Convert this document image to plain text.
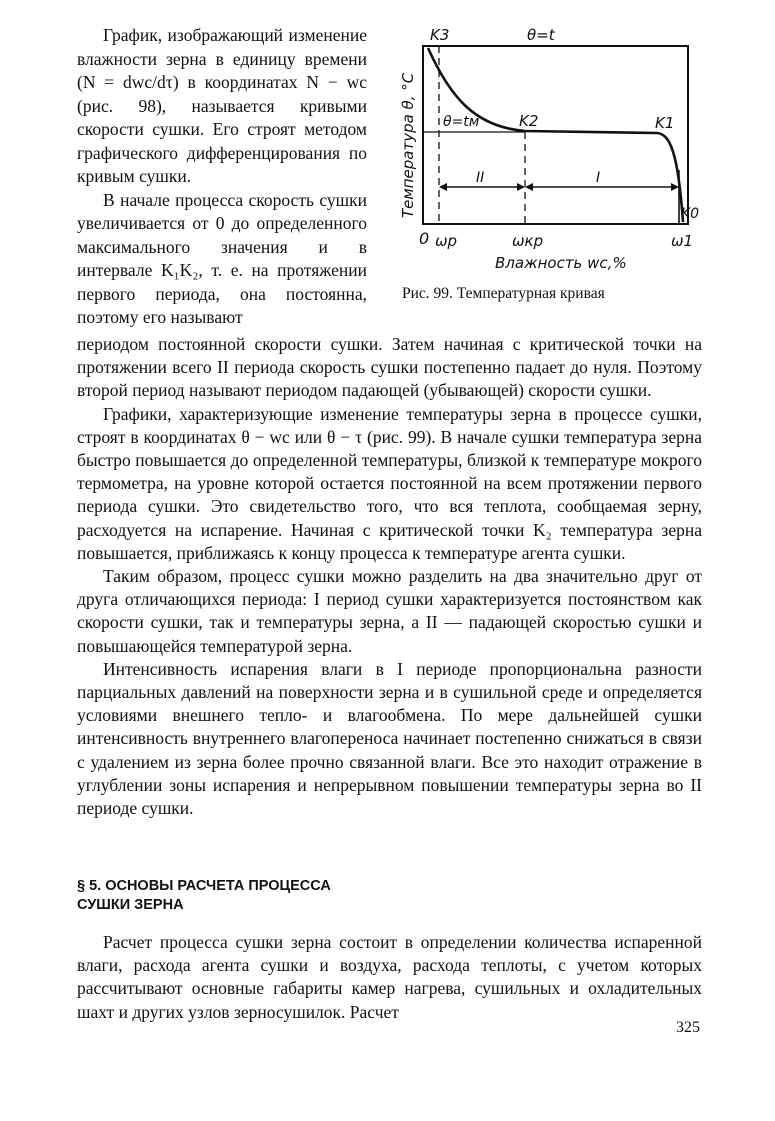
График, изображающий изменение влажности зерна в единицу времени (N = dwс/dτ) в координатах N − wс (рис. 98), называется кривыми скорости сушки. Его строят методом графического дифференцирования по кривым сушки.

В начале процесса скорость сушки увеличивается от 0 до определенного максимального значения и в интервале K₁K₂, т. е. на протяжении первого периода, она постоянна, поэтому его называют

K3	θ=t
θ=tм	K2	K1
K0
II	I
0 ωp	ωкр	ω1
Влажность wс,%
Температура θ, °C
Рис. 99. Температурная кривая

периодом постоянной скорости сушки. Затем начиная с критической точки на протяжении всего II периода скорость сушки постепенно падает до нуля. Поэтому второй период называют периодом падающей (убывающей) скорости сушки.

Графики, характеризующие изменение температуры зерна в процессе сушки, строят в координатах θ − wс или θ − τ (рис. 99). В начале сушки температура зерна быстро повышается до определенной температуры, близкой к температуре мокрого термометра, на уровне которой остается постоянной на всем протяжении первого периода сушки. Это свидетельство того, что вся теплота, сообщаемая зерну, расходуется на испарение. Начиная с критической точки K₂ температура зерна повышается, приближаясь к концу процесса к температуре агента сушки.

Таким образом, процесс сушки можно разделить на два значительно друг от друга отличающихся периода: I период сушки характеризуется постоянством как скорости сушки, так и температуры зерна, а II — падающей скоростью сушки и повышающейся температурой зерна.

Интенсивность испарения влаги в I периоде пропорциональна разности парциальных давлений на поверхности зерна и в сушильной среде и определяется условиями внешнего тепло- и влагообмена. По мере дальнейшей сушки интенсивность внутреннего влагопереноса начинает постепенно снижаться в связи с удалением из зерна более прочно связанной влаги. Все это находит отражение в углублении зоны испарения и непрерывном повышении температуры зерна во II периоде сушки.

§ 5. ОСНОВЫ РАСЧЕТА ПРОЦЕССА
СУШКИ ЗЕРНА

Расчет процесса сушки зерна состоит в определении количества испаренной влаги, расхода агента сушки и воздуха, расхода теплоты, с учетом которых рассчитывают основные габариты камер нагрева, сушильных и охладительных шахт и других узлов зерносушилок. Расчет

325
